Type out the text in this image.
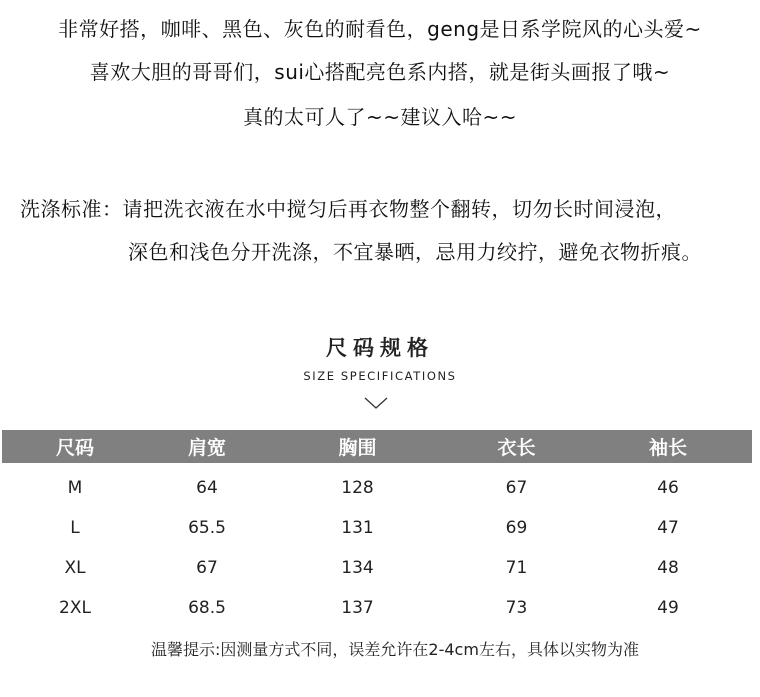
非常好搭，咖啡、黑色、灰色的耐看色，geng是日系学院风的心头爱~
喜欢大胆的哥哥们，sui心搭配亮色系内搭，就是街头画报了哦~
真的太可人了~~建议入哈~~
洗涤标准：请把洗衣液在水中搅匀后再衣物整个翻转，切勿长时间浸泡，
深色和浅色分开洗涤，不宜暴晒，忌用力绞拧，避免衣物折痕。
尺码规格
SIZE SPECIFICATIONS
尺码	肩宽	胸围	衣长	袖长
M	64	128	67	46
L	65.5	131	69	47
XL	67	134	71	48
2XL	68.5	137	73	49
温馨提示:因测量方式不同，误差允许在2-4cm左右，具体以实物为准
